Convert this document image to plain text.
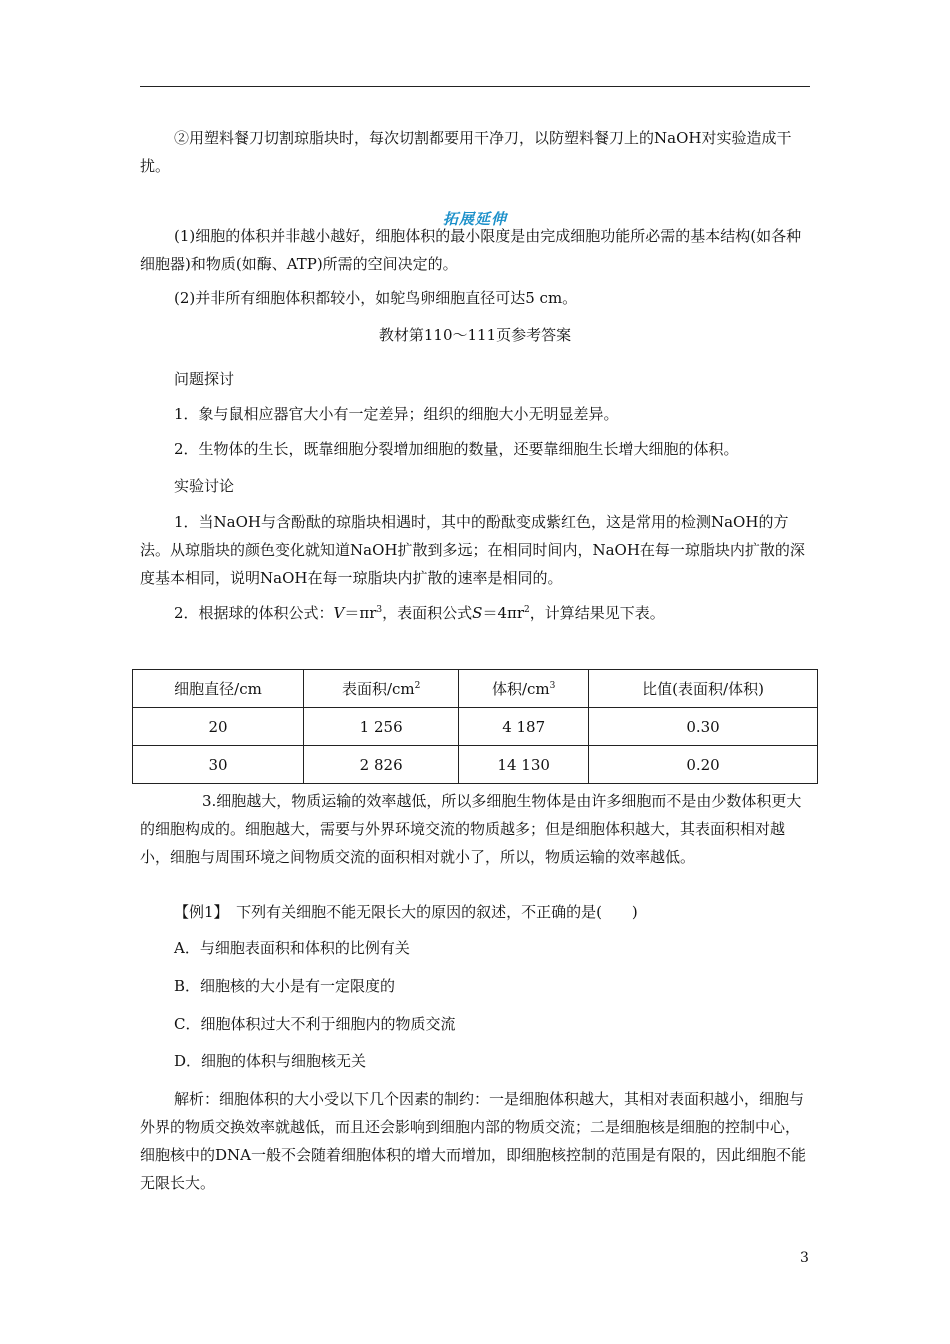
②用塑料餐刀切割琼脂块时，每次切割都要用干净刀，以防塑料餐刀上的NaOH对实验造成干扰。

拓展延伸

(1)细胞的体积并非越小越好，细胞体积的最小限度是由完成细胞功能所必需的基本结构(如各种细胞器)和物质(如酶、ATP)所需的空间决定的。

(2)并非所有细胞体积都较小，如鸵鸟卵细胞直径可达5 cm。

教材第110～111页参考答案

问题探讨

1．象与鼠相应器官大小有一定差异；组织的细胞大小无明显差异。

2．生物体的生长，既靠细胞分裂增加细胞的数量，还要靠细胞生长增大细胞的体积。

实验讨论

1．当NaOH与含酚酞的琼脂块相遇时，其中的酚酞变成紫红色，这是常用的检测NaOH的方法。从琼脂块的颜色变化就知道NaOH扩散到多远；在相同时间内，NaOH在每一琼脂块内扩散的深度基本相同，说明NaOH在每一琼脂块内扩散的速率是相同的。

2．根据球的体积公式：$V=\pi r^3$，表面积公式$S=4\pi r^2$，计算结果见下表。

细胞直径/cm	表面积$/cm^2$	体积$/cm^3$	比值(表面积/体积)
20	1 256	4 187	0.30
30	2 826	14 130	0.20

3.细胞越大，物质运输的效率越低，所以多细胞生物体是由许多细胞而不是由少数体积更大的细胞构成的。细胞越大，需要与外界环境交流的物质越多；但是细胞体积越大，其表面积相对越小，细胞与周围环境之间物质交流的面积相对就小了，所以，物质运输的效率越低。

【例1】　 下列有关细胞不能无限长大的原因的叙述，不正确的是(　　)

A．与细胞表面积和体积的比例有关

B．细胞核的大小是有一定限度的

C．细胞体积过大不利于细胞内的物质交流

D．细胞的体积与细胞核无关

解析：细胞体积的大小受以下几个因素的制约：一是细胞体积越大，其相对表面积越小，细胞与外界的物质交换效率就越低，而且还会影响到细胞内部的物质交流；二是细胞核是细胞的控制中心，细胞核中的DNA一般不会随着细胞体积的增大而增加，即细胞核控制的范围是有限的，因此细胞不能无限长大。

3
